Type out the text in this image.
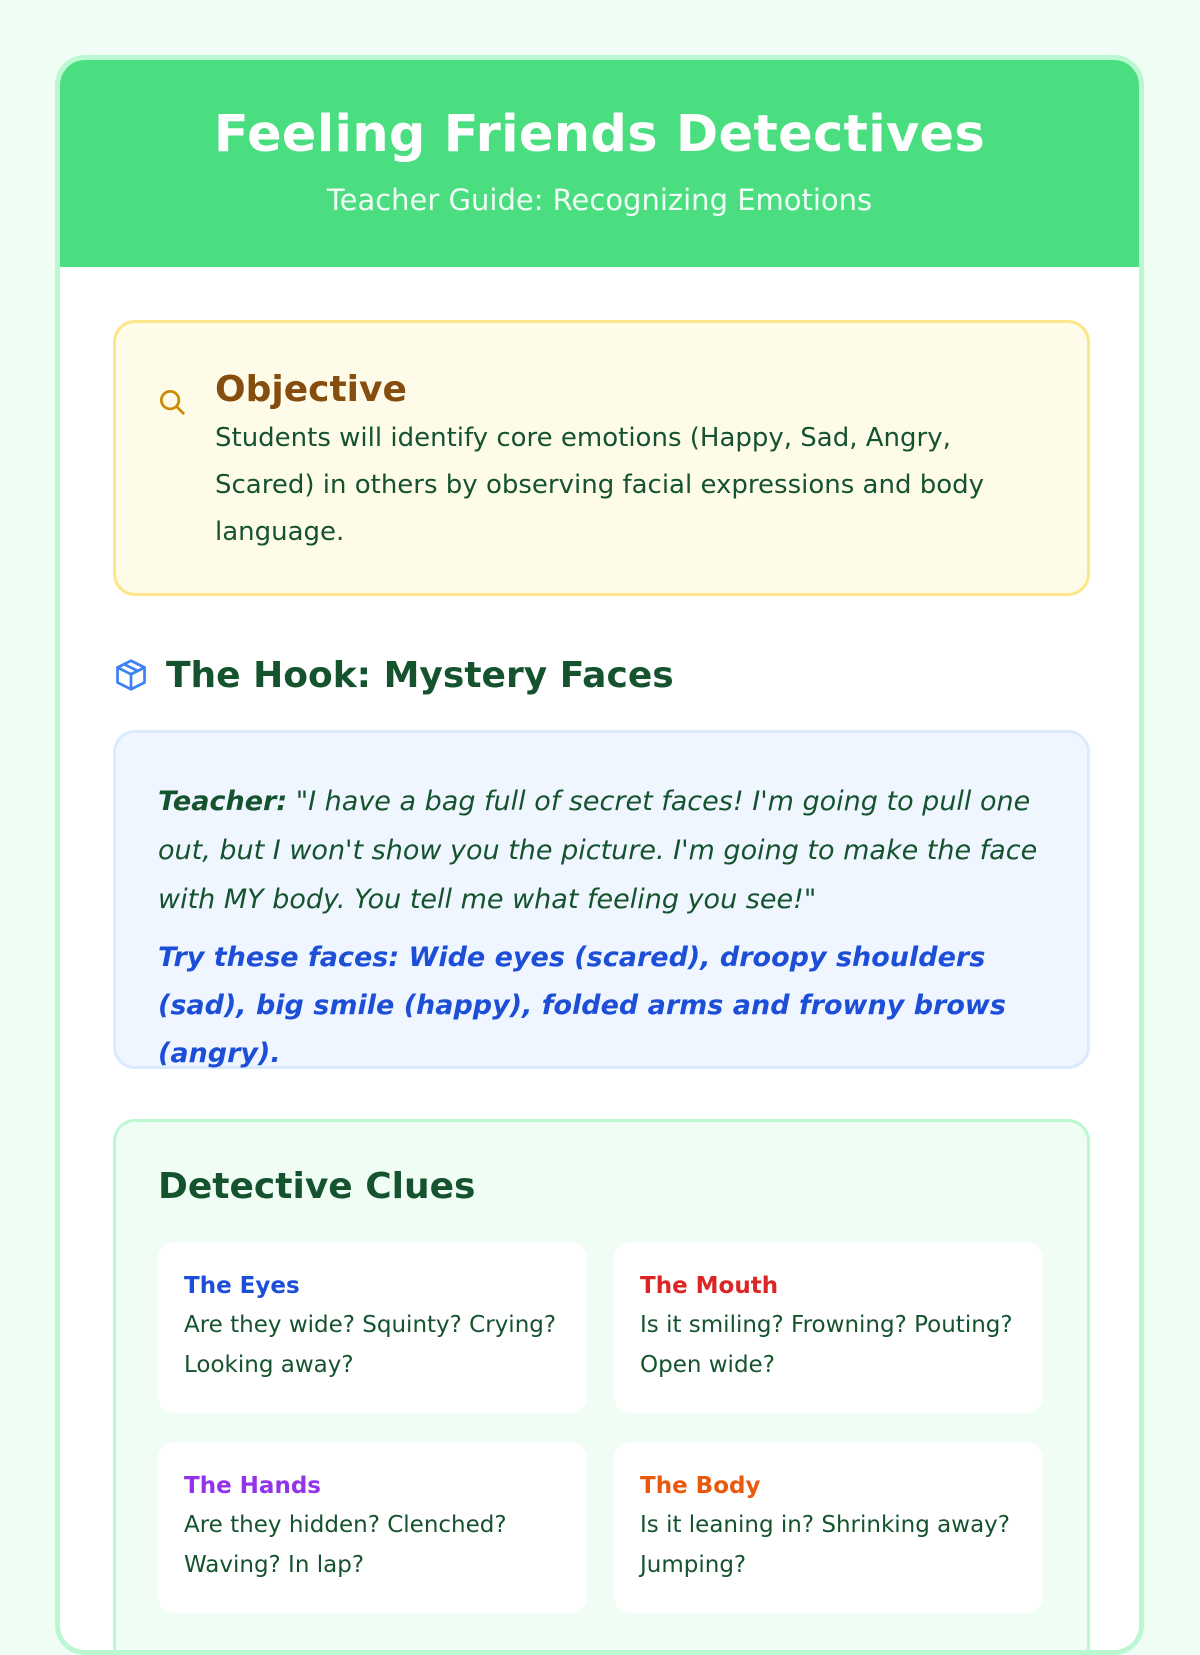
Feeling Friends Detectives
Teacher Guide: Recognizing Emotions
Objective

Students will identify core emotions (Happy, Sad, Angry, Scared) in others by observing facial expressions and body language.

The Hook: Mystery Faces

Teacher: "I have a bag full of secret faces! I'm going to pull one out, but I won't show you the picture. I'm going to make the face with MY body. You tell me what feeling you see!"

Try these faces: Wide eyes (scared), droopy shoulders (sad), big smile (happy), folded arms and frowny brows (angry).

Detective Clues

The Eyes

Are they wide? Squinty? Crying? Looking away?

The Mouth

Is it smiling? Frowning? Pouting? Open wide?

The Hands

Are they hidden? Clenched? Waving? In lap?

The Body

Is it leaning in? Shrinking away? Jumping?
